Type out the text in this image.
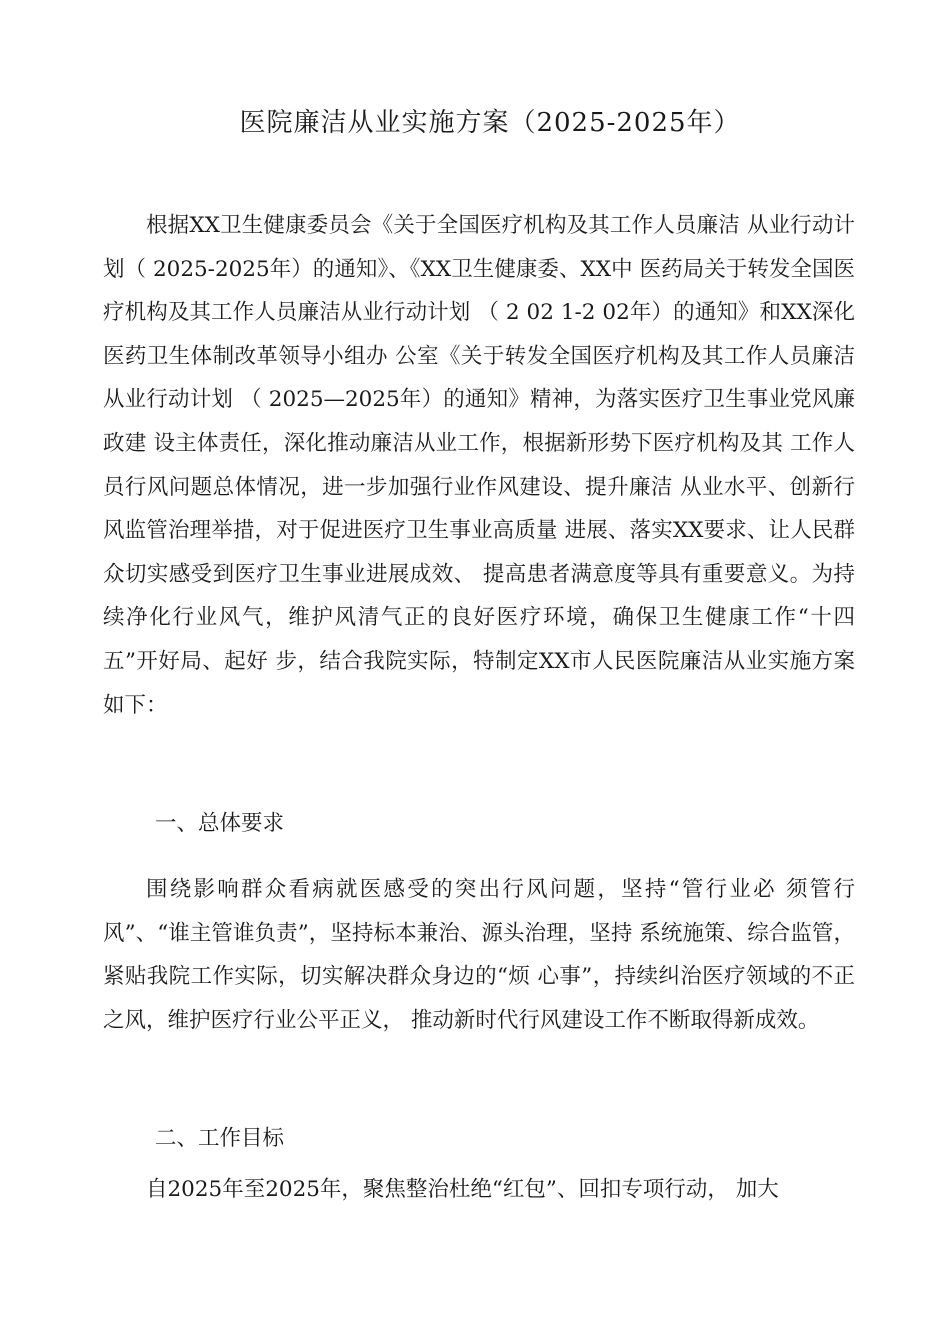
医院廉洁从业实施方案（2025-2025年）

根据XX卫生健康委员会《关于全国医疗机构及其工作人员廉洁 从业行动计划（ 2025-2025年）的通知》、《XX卫生健康委、XX中 医药局关于转发全国医疗机构及其工作人员廉洁从业行动计划 （ 2 02 1-2 02年）的通知》和XX深化医药卫生体制改革领导小组办 公室《关于转发全国医疗机构及其工作人员廉洁从业行动计划 （ 2025—2025年）的通知》精神，为落实医疗卫生事业党风廉政建 设主体责任，深化推动廉洁从业工作，根据新形势下医疗机构及其 工作人员行风问题总体情况，进一步加强行业作风建设、提升廉洁 从业水平、创新行风监管治理举措，对于促进医疗卫生事业高质量 进展、落实XX要求、让人民群众切实感受到医疗卫生事业进展成效、 提高患者满意度等具有重要意义。为持续净化行业风气，维护风清气正的良好医疗环境，确保卫生健康工作“十四五”开好局、起好 步，结合我院实际，特制定XX市人民医院廉洁从业实施方案如下：

一、总体要求

围绕影响群众看病就医感受的突出行风问题，坚持“管行业必 须管行风”、“谁主管谁负责”，坚持标本兼治、源头治理，坚持 系统施策、综合监管，紧贴我院工作实际，切实解决群众身边的“烦 心事”，持续纠治医疗领域的不正之风，维护医疗行业公平正义， 推动新时代行风建设工作不断取得新成效。

二、工作目标

自2025年至2025年，聚焦整治杜绝“红包”、回扣专项行动， 加大
